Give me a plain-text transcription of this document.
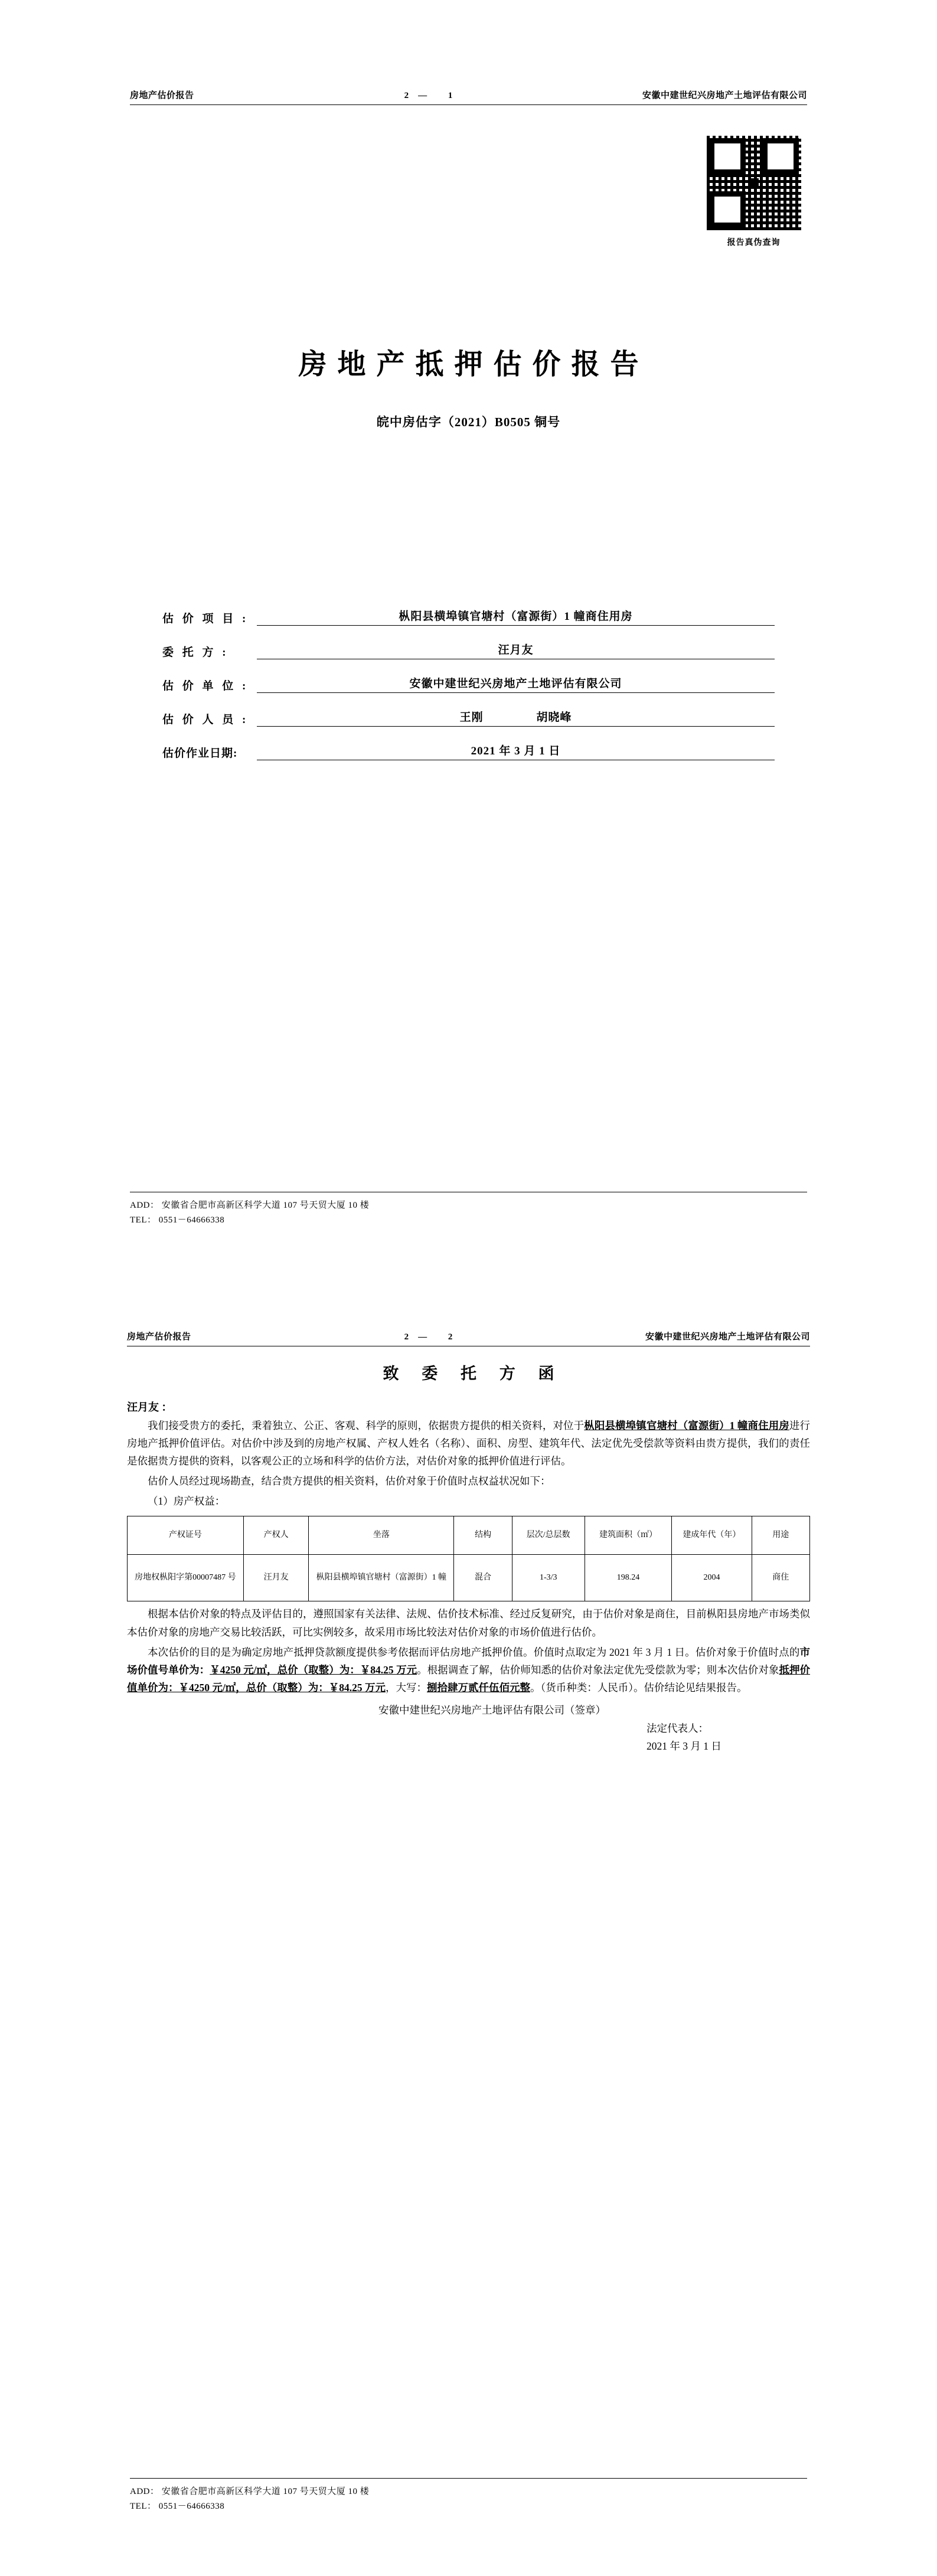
房地产估价报告	2— 1	安徽中建世纪兴房地产土地评估有限公司
报告真伪查询
房地产抵押估价报告
皖中房估字（2021）B0505 铜号
估 价 项 目 :	枞阳县横埠镇官塘村（富源街）1 幢商住用房
委 托 方 :	汪月友
估 价 单 位 :	安徽中建世纪兴房地产土地评估有限公司
估 价 人 员 :	王刚	胡晓峰
估价作业日期:	2021 年 3 月 1 日
ADD： 安徽省合肥市高新区科学大道 107 号天贸大厦 10 楼
TEL： 0551－64666338
房地产估价报告	2— 2	安徽中建世纪兴房地产土地评估有限公司
致 委 托 方 函
汪月友 ：

我们接受贵方的委托，秉着独立、公正、客观、科学的原则，依据贵方提供的相关资料，对位于枞阳县横埠镇官塘村（富源街）1 幢商住用房进行房地产抵押价值评估。对估价中涉及到的房地产权属、产权人姓名（名称）、面积、房型、建筑年代、法定优先受偿款等资料由贵方提供，我们的责任是依据贵方提供的资料，以客观公正的立场和科学的估价方法，对估价对象的抵押价值进行评估。

估价人员经过现场勘查，结合贵方提供的相关资料，估价对象于价值时点权益状况如下：

（1）房产权益：

产权证号	产权人	坐落	结构	层次/总层数	建筑面积（㎡）	建成年代（年）	用途
房地权枞阳字第00007487 号	汪月友	枞阳县横埠镇官塘村（富源街）1 幢	混合	1-3/3	198.24	2004	商住

根据本估价对象的特点及评估目的，遵照国家有关法律、法规、估价技术标准、经过反复研究，由于估价对象是商住，目前枞阳县房地产市场类似本估价对象的房地产交易比较活跃，可比实例较多，故采用市场比较法对估价对象的市场价值进行估价。

本次估价的目的是为确定房地产抵押贷款额度提供参考依据而评估房地产抵押价值。价值时点取定为 2021 年 3 月 1 日。估价对象于价值时点的市场价值号单价为：￥4250 元/㎡，总价（取整）为：￥84.25 万元。根据调查了解，估价师知悉的估价对象法定优先受偿款为零；则本次估价对象抵押价值单价为：￥4250 元/㎡，总价（取整）为：￥84.25 万元，大写：捌拾肆万贰仟伍佰元整。（货币种类：人民币）。估价结论见结果报告。

安徽中建世纪兴房地产土地评估有限公司（签章）
法定代表人：
2021 年 3 月 1 日
ADD： 安徽省合肥市高新区科学大道 107 号天贸大厦 10 楼
TEL： 0551－64666338
